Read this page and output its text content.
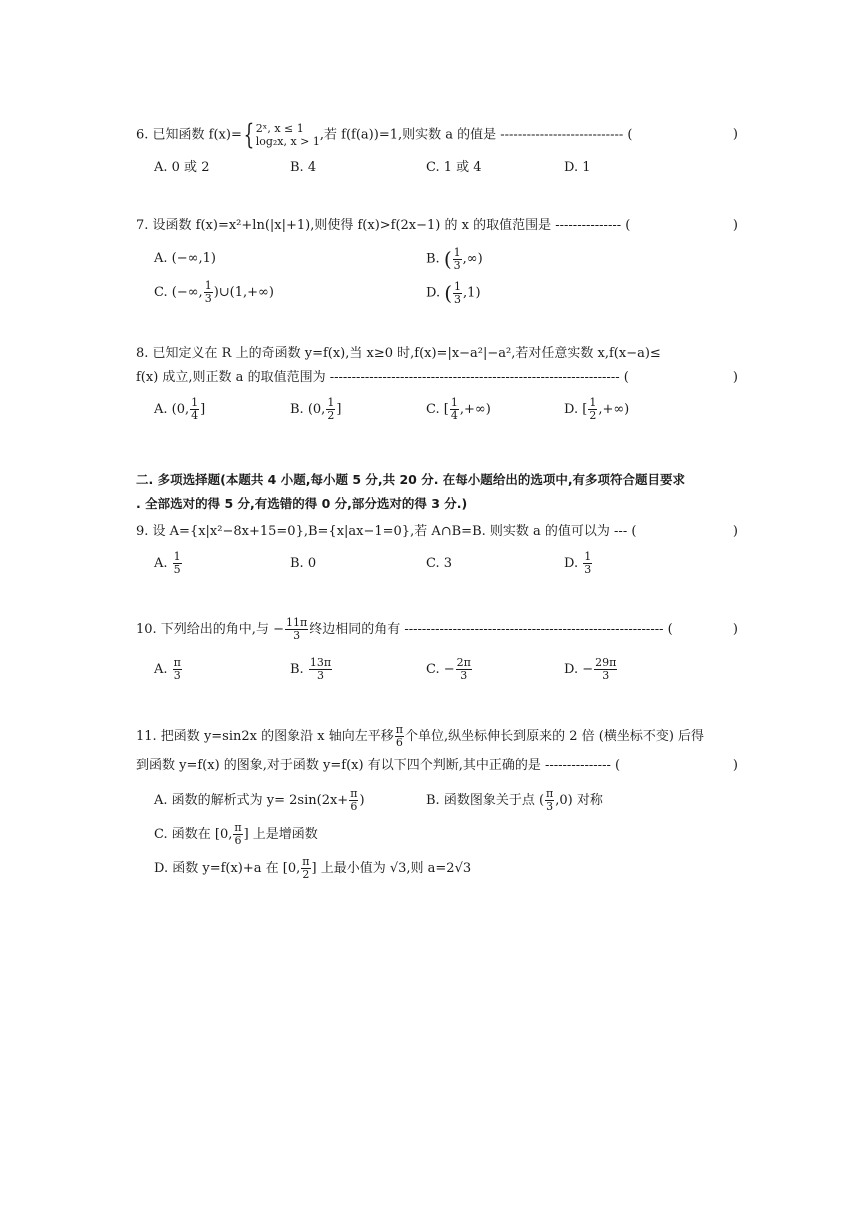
6. 已知函数 f(x)={ 2ˣ, x ≤ 1
log₂x, x > 1 ,若 f(f(a))=1,则实数 a 的值是 ---------------------------- (	)
A. 0 或 2	B. 4	C. 1 或 4	D. 1
7. 设函数 f(x)=x²+ln(|x|+1),则使得 f(x)>f(2x−1) 的 x 的取值范围是 --------------- (	)
A. (−∞,1)	B. ( $\frac{1}{3}$ ,∞)
C. (−∞, $\frac{1}{3}$ )∪(1,+∞)	D. ( $\frac{1}{3} ,1$)
8. 已知定义在 R 上的奇函数 y=f(x),当 x≥0 时,f(x)=|x−a²|−a²,若对任意实数 x,f(x−a)≤
f(x) 成立,则正数 a 的取值范围为 ------------------------------------------------------------------ (	)
A. (0, $\frac{1}{4}$ ]	B. (0, $\frac{1}{2}$ ]	C. [ $\frac{1}{4}$ ,+∞)	D. [ $\frac{1}{2}$ ,+∞)
二. 多项选择题(本题共 4 小题,每小题 5 分,共 20 分. 在每小题给出的选项中,有多项符合题目要求
. 全部选对的得 5 分,有选错的得 0 分,部分选对的得 3 分.)
9. 设 A={x|x²−8x+15=0},B={x|ax−1=0},若 A∩B=B. 则实数 a 的值可以为 --- (	)
A. $\frac{1}{5}$	B. 0	C. 3	D. $\frac{1}{3}$
10. 下列给出的角中,与 − $\frac{11\pi}{3}$ 终边相同的角有 ----------------------------------------------------------- (	)
A. $\frac{\pi}{3}$	B. $\frac{13\pi}{3}$	C. − $\frac{2\pi}{3}$	D. − $\frac{29\pi}{3}$
11. 把函数 y=sin2x 的图象沿 x 轴向左平移 $\frac{\pi}{6}$ 个单位,纵坐标伸长到原来的 2 倍 (横坐标不变) 后得
到函数 y=f(x) 的图象,对于函数 y=f(x) 有以下四个判断,其中正确的是 --------------- (	)
A. 函数的解析式为 $y= 2\sin(2x+ \frac{\pi}{6}$ )	B. 函数图象关于点 ( $\frac{\pi}{3} ,0$) 对称
C. 函数在 [0, $\frac{\pi}{6}$ ] 上是增函数
D. 函数 y=f(x)+a 在 [0, $\frac{\pi}{2}$ ] 上最小值为 √3,则 a=2√3
